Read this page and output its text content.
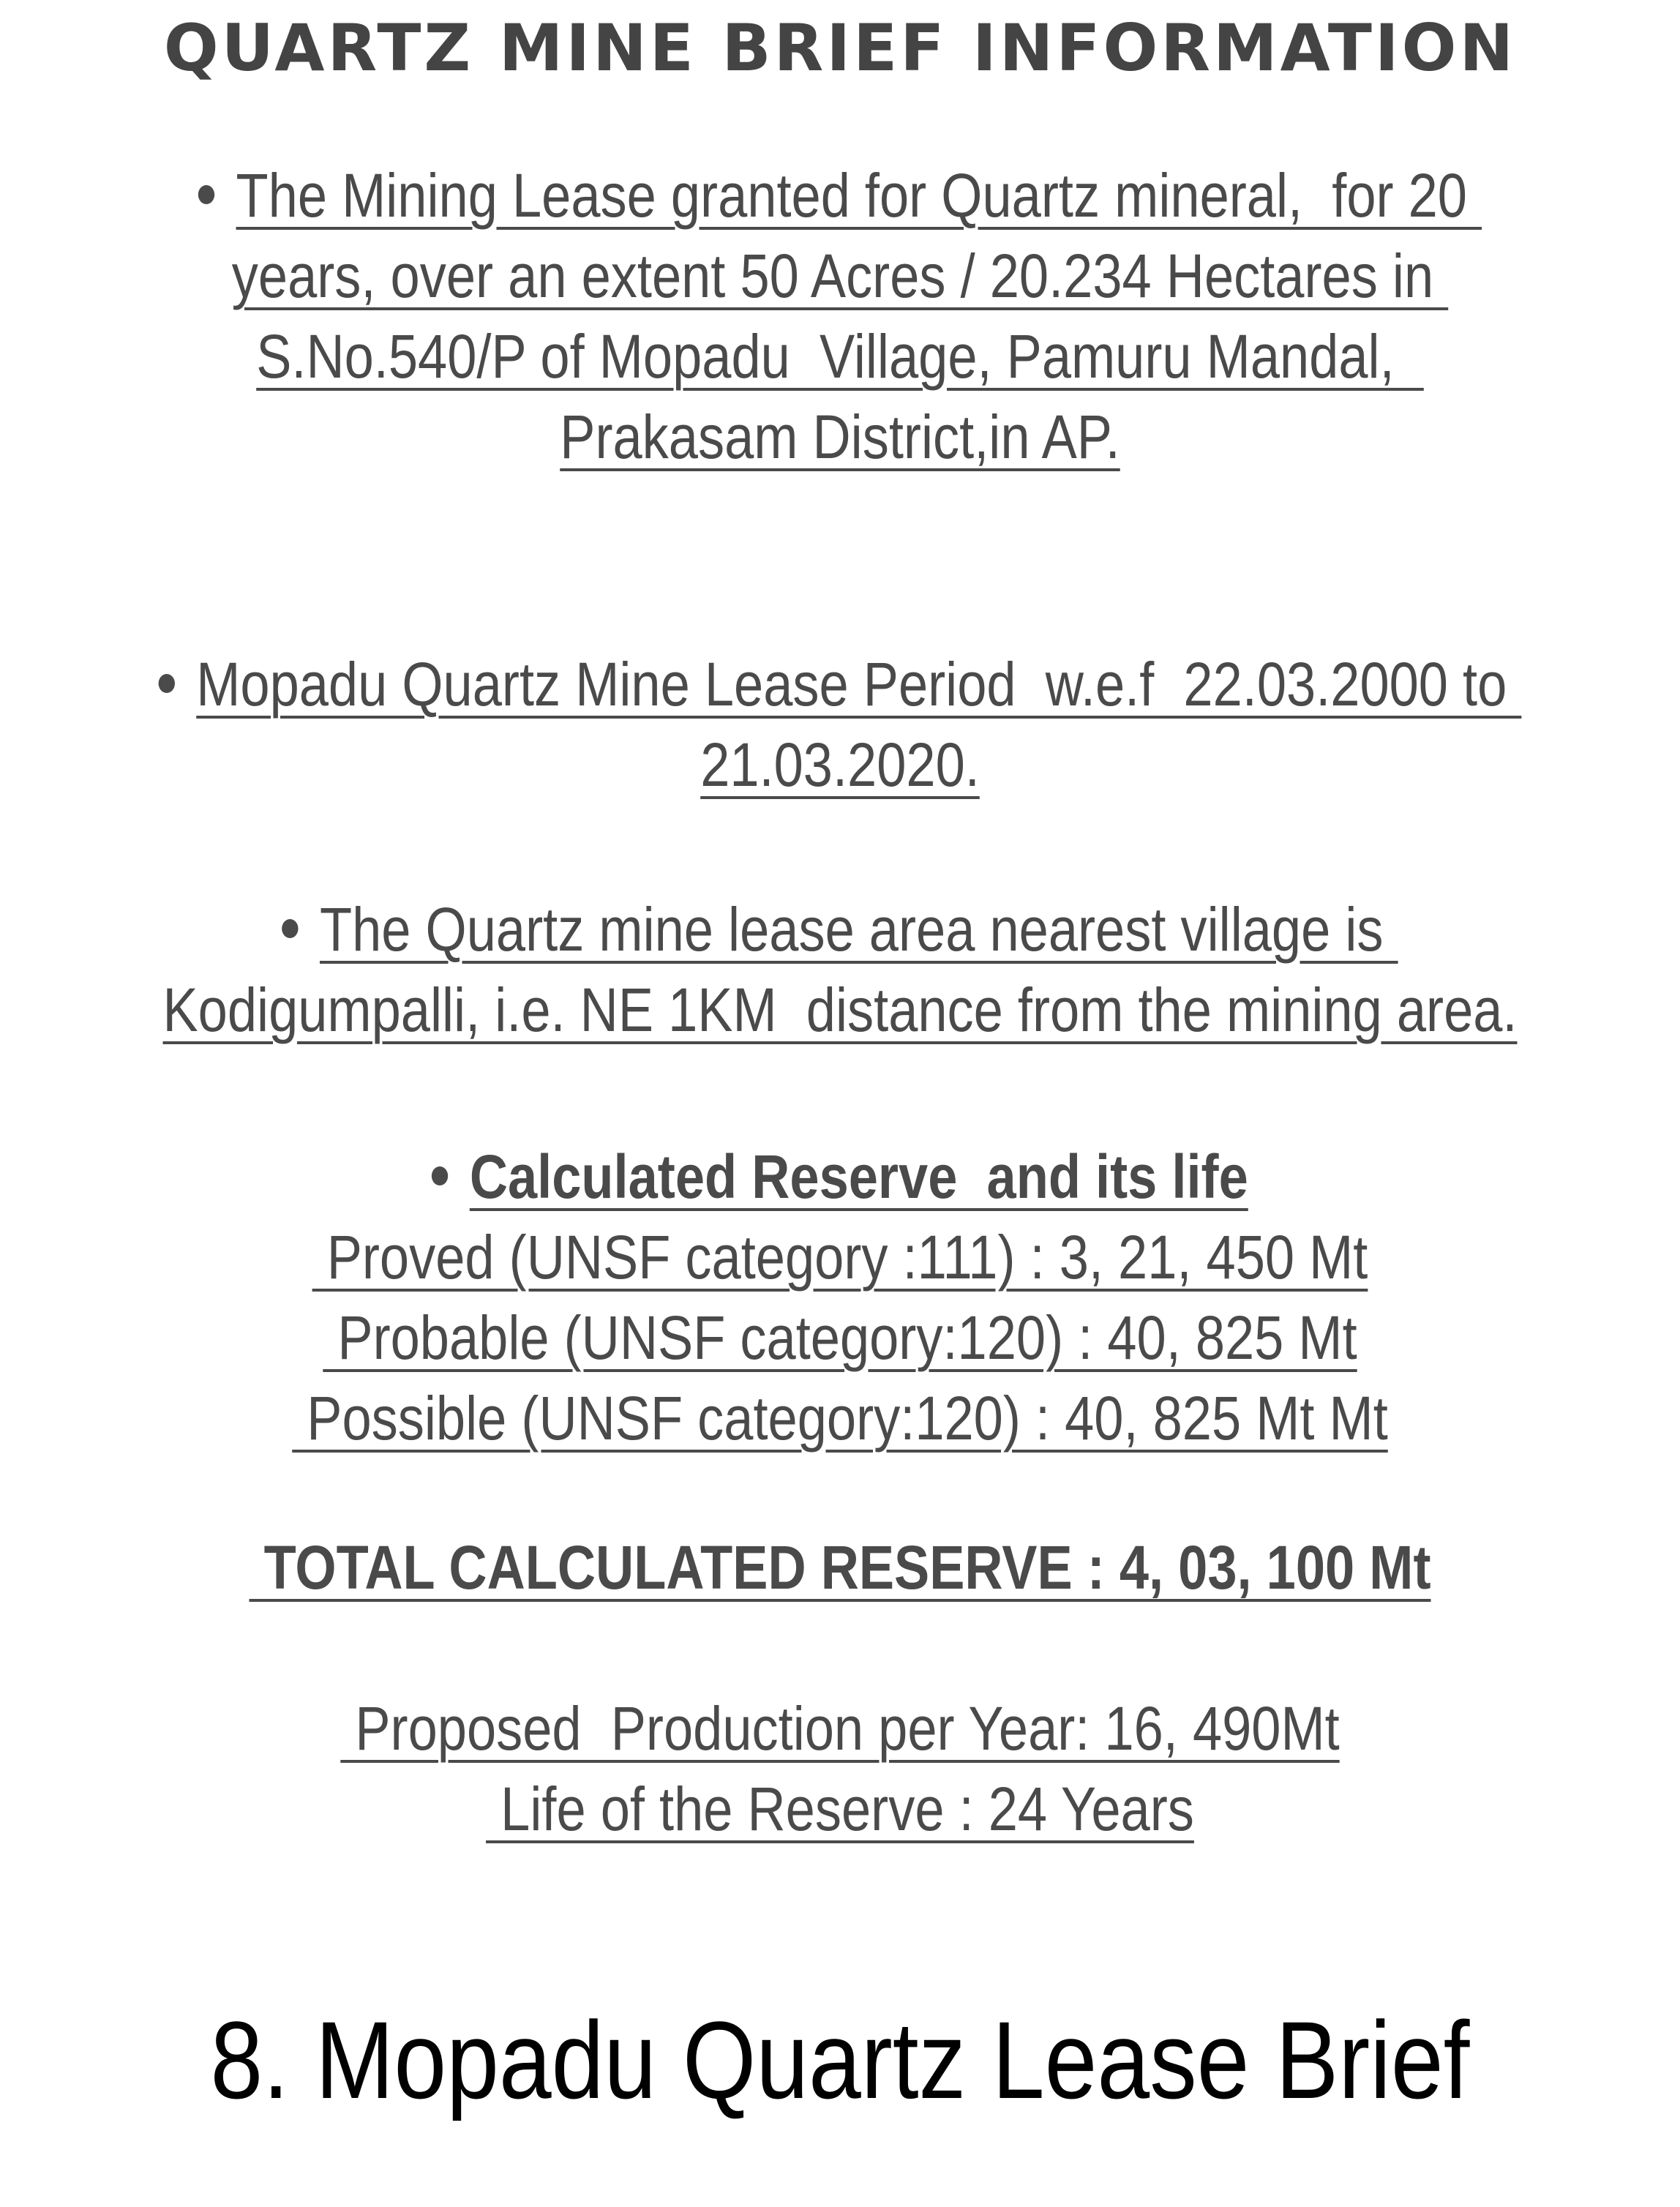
QUARTZ MINE BRIEF INFORMATION
The Mining Lease granted for Quartz mineral,  for 20
years, over an extent 50 Acres / 20.234 Hectares in
S.No.540/P of Mopadu  Village, Pamuru Mandal,
Prakasam District,in AP.
Mopadu Quartz Mine Lease Period  w.e.f  22.03.2000 to
21.03.2020.
The Quartz mine lease area nearest village is
Kodigumpalli, i.e. NE 1KM  distance from the mining area.
Calculated Reserve  and its life
Proved (UNSF category :111) : 3, 21, 450 Mt
Probable (UNSF category:120) : 40, 825 Mt
Possible (UNSF category:120) : 40, 825 Mt Mt
TOTAL CALCULATED RESERVE : 4, 03, 100 Mt
Proposed  Production per Year: 16, 490Mt
Life of the Reserve : 24 Years
8. Mopadu Quartz Lease Brief
